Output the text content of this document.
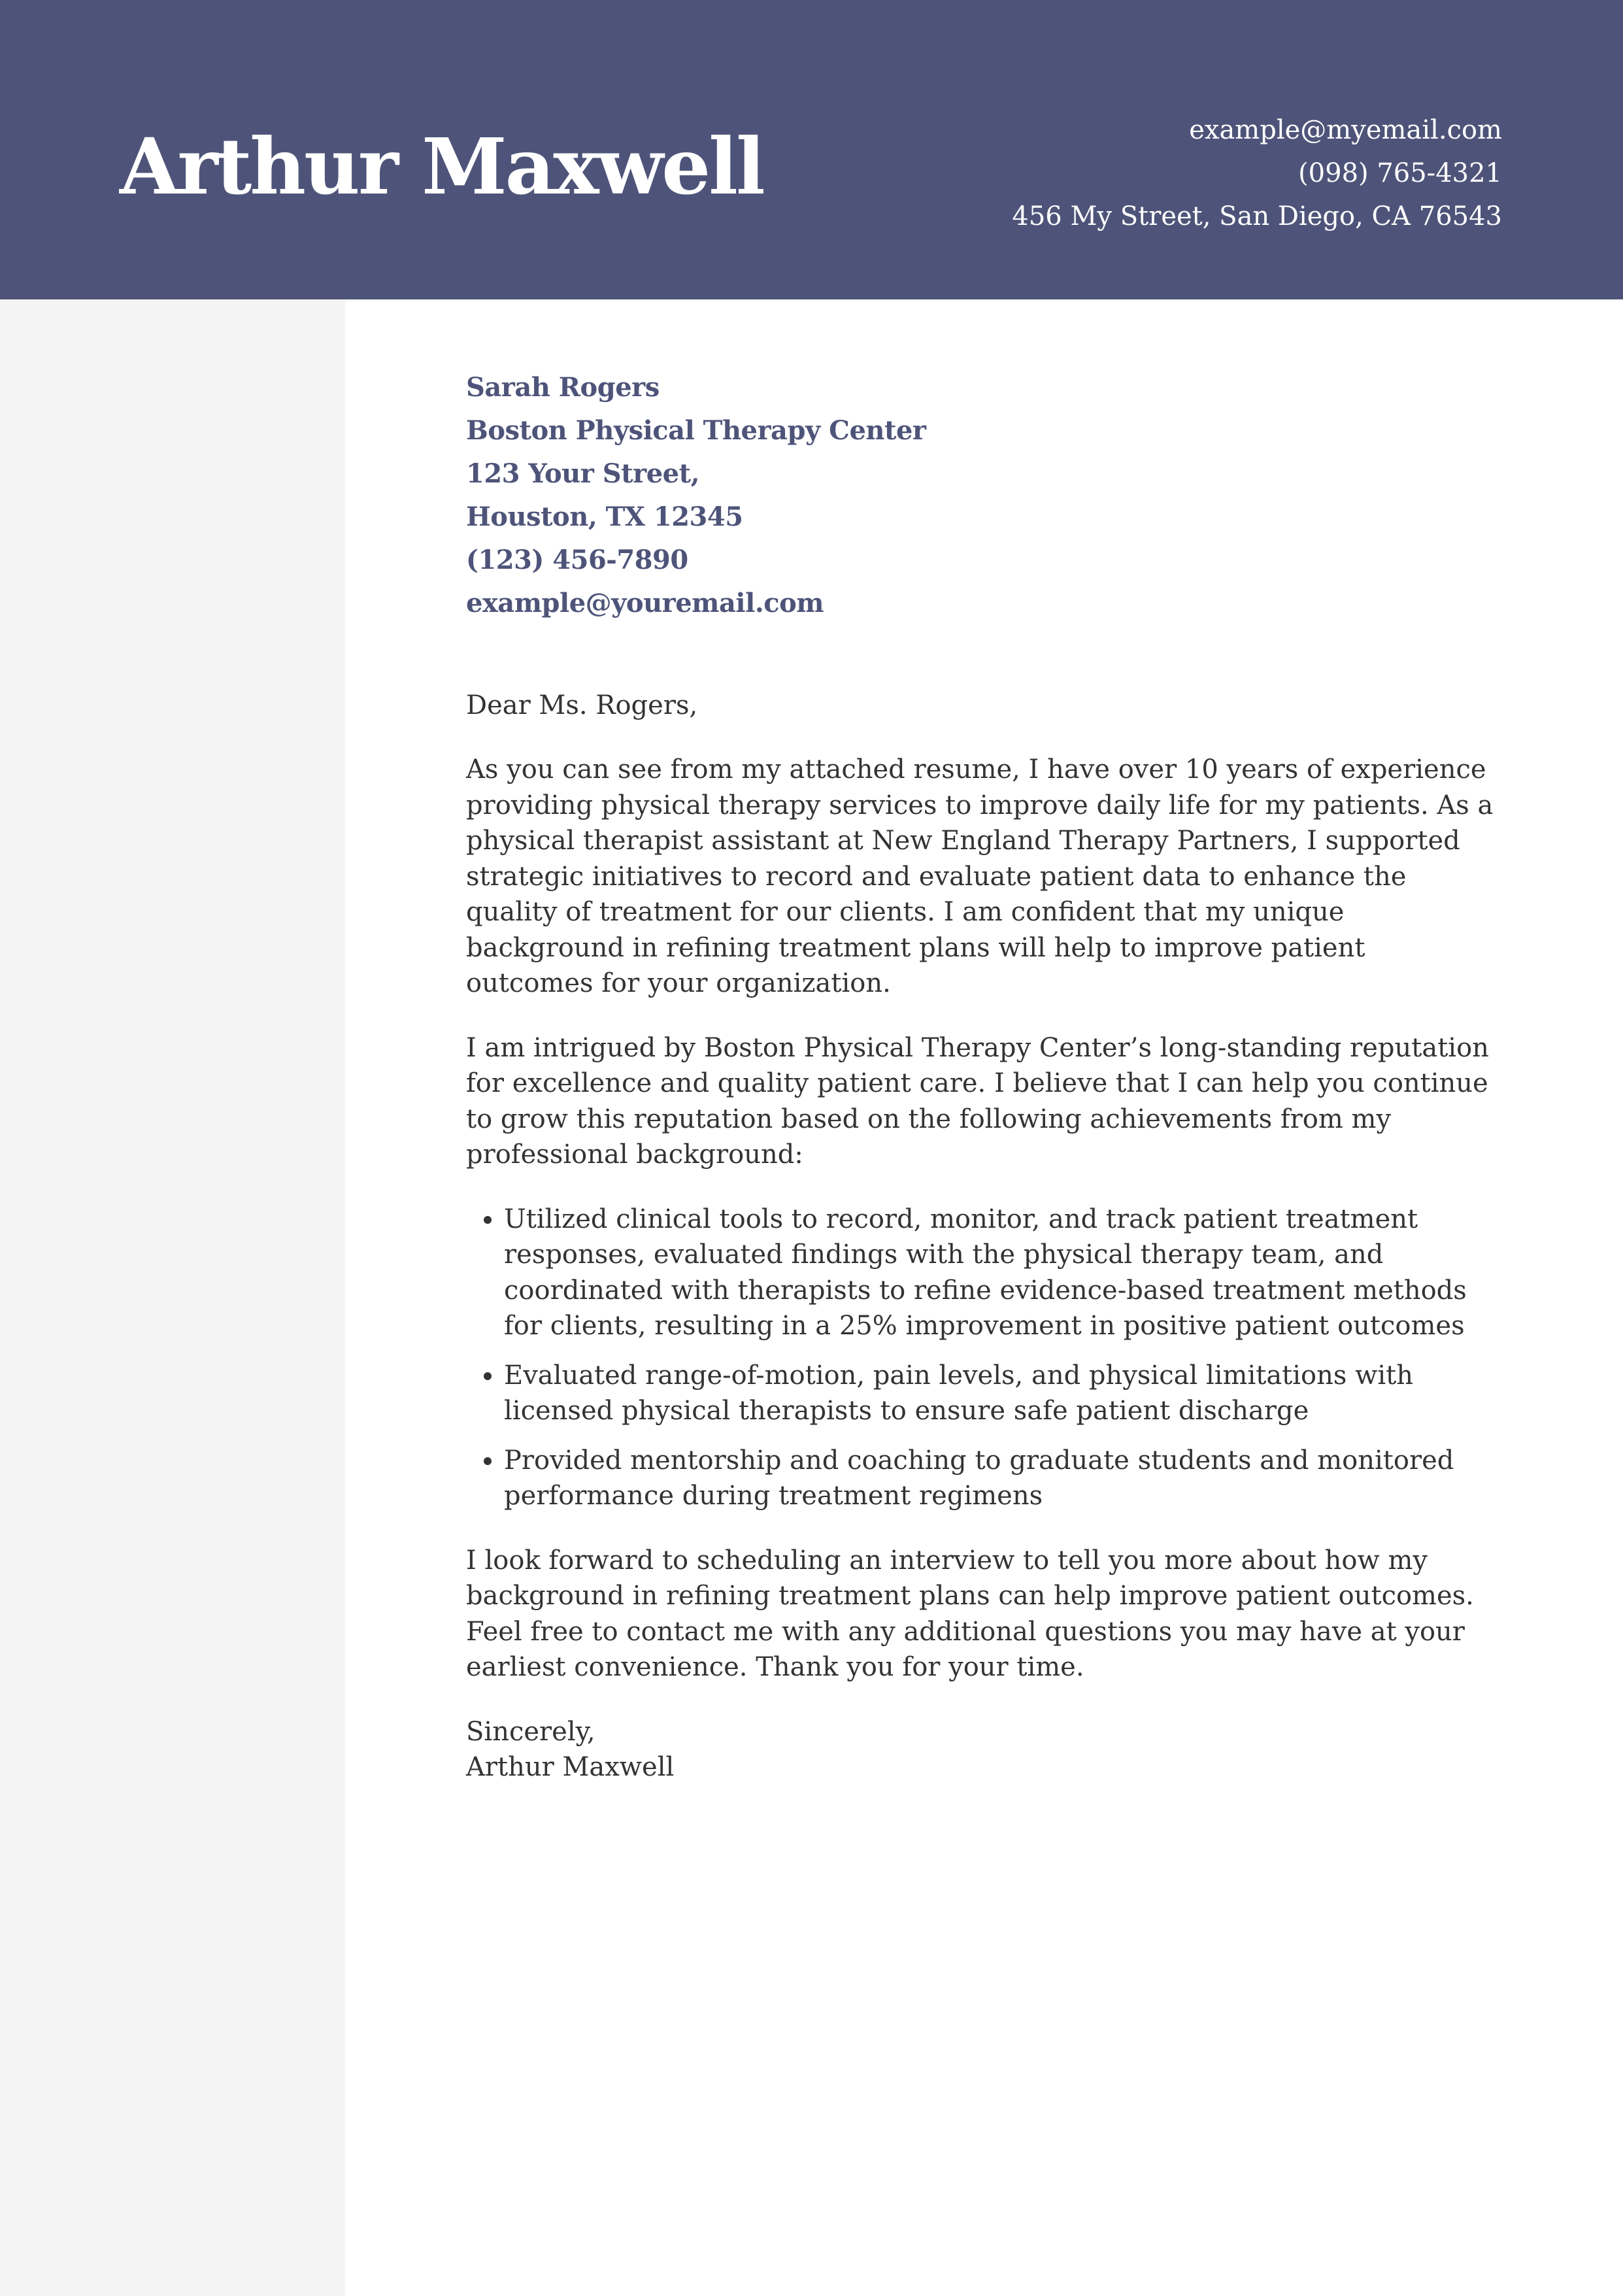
Arthur Maxwell	example@myemail.com
(098) 765-4321
456 My Street, San Diego, CA 76543
Sarah Rogers
Boston Physical Therapy Center
123 Your Street,
Houston, TX 12345
(123) 456-7890
example@youremail.com
Dear Ms. Rogers,

As you can see from my attached resume, I have over 10 years of experience providing physical therapy services to improve daily life for my patients. As a physical therapist assistant at New England Therapy Partners, I supported strategic initiatives to record and evaluate patient data to enhance the quality of treatment for our clients. I am confident that my unique background in refining treatment plans will help to improve patient outcomes for your organization.

I am intrigued by Boston Physical Therapy Center’s long-standing reputation for excellence and quality patient care. I believe that I can help you continue to grow this reputation based on the following achievements from my professional background:

• Utilized clinical tools to record, monitor, and track patient treatment responses, evaluated findings with the physical therapy team, and coordinated with therapists to refine evidence-based treatment methods for clients, resulting in a 25% improvement in positive patient outcomes
• Evaluated range-of-motion, pain levels, and physical limitations with licensed physical therapists to ensure safe patient discharge
• Provided mentorship and coaching to graduate students and monitored performance during treatment regimens

I look forward to scheduling an interview to tell you more about how my background in refining treatment plans can help improve patient outcomes. Feel free to contact me with any additional questions you may have at your earliest convenience. Thank you for your time.

Sincerely,
Arthur Maxwell
